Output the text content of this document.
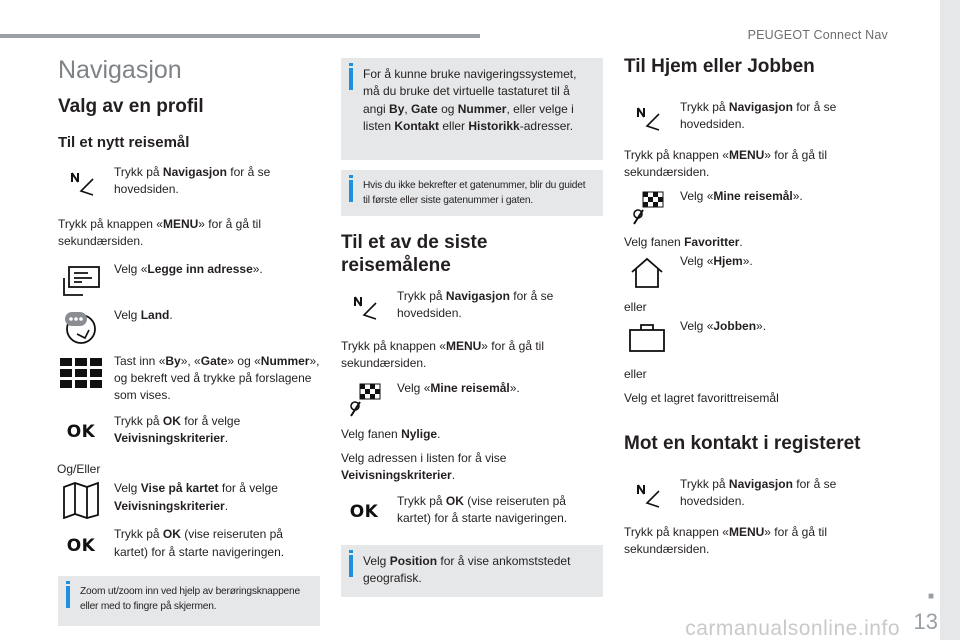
PEUGEOT Connect Nav
■
13
carmanualsonline.info
Navigasjon
Valg av en profil
Til et nytt reisemål
Trykk på Navigasjon for å se hovedsiden.
Trykk på knappen «MENU» for å gå til sekundærsiden.
Velg «Legge inn adresse».
Velg Land.
Tast inn «By», «Gate» og «Nummer», og bekreft ved å trykke på forslagene som vises.
OK
Trykk på OK for å velge Veivisningskriterier.
Og/Eller
Velg Vise på kartet for å velge Veivisningskriterier.
OK
Trykk på OK (vise reiseruten på kartet) for å starte navigeringen.
Zoom ut/zoom inn ved hjelp av berøringsknappene eller med to fingre på skjermen.
For å kunne bruke navigeringssystemet, må du bruke det virtuelle tastaturet til å angi By, Gate og Nummer, eller velge i listen Kontakt eller Historikk-adresser.
Hvis du ikke bekrefter et gatenummer, blir du guidet til første eller siste gatenummer i gaten.
Til et av de siste reisemålene
Trykk på Navigasjon for å se hovedsiden.
Trykk på knappen «MENU» for å gå til sekundærsiden.
Velg «Mine reisemål».
Velg fanen Nylige.
Velg adressen i listen for å vise Veivisningskriterier.
OK
Trykk på OK (vise reiseruten på kartet) for å starte navigeringen.
Velg Position for å vise ankomststedet geografisk.
Til Hjem eller Jobben
Trykk på Navigasjon for å se hovedsiden.
Trykk på knappen «MENU» for å gå til sekundærsiden.
Velg «Mine reisemål».
Velg fanen Favoritter.
Velg «Hjem».
eller
Velg «Jobben».
eller
Velg et lagret favorittreisemål
Mot en kontakt i registeret
Trykk på Navigasjon for å se hovedsiden.
Trykk på knappen «MENU» for å gå til sekundærsiden.
